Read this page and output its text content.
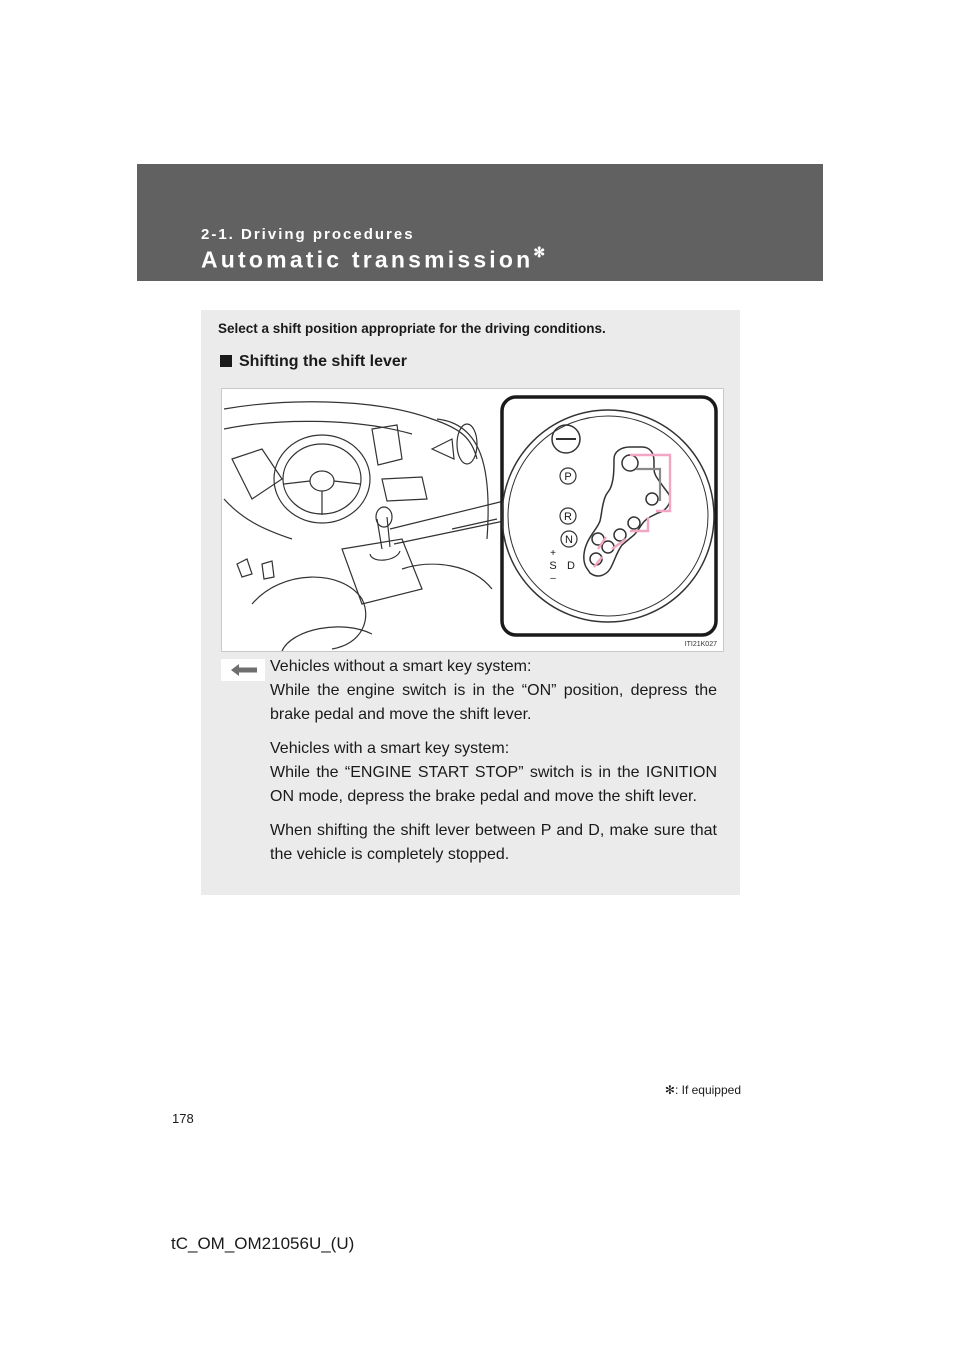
2-1. Driving procedures
Automatic transmission✻
Select a shift position appropriate for the driving conditions.
Shifting the shift lever
P
R
N
S D
+
–
ITI21K027

Vehicles without a smart key system:

While the engine switch is in the “ON” position, depress the brake pedal and move the shift lever.

Vehicles with a smart key system:

While the “ENGINE START STOP” switch is in the IGNITION ON mode, depress the brake pedal and move the shift lever.

When shifting the shift lever between P and D, make sure that the vehicle is completely stopped.

✻: If equipped
178
tC_OM_OM21056U_(U)
